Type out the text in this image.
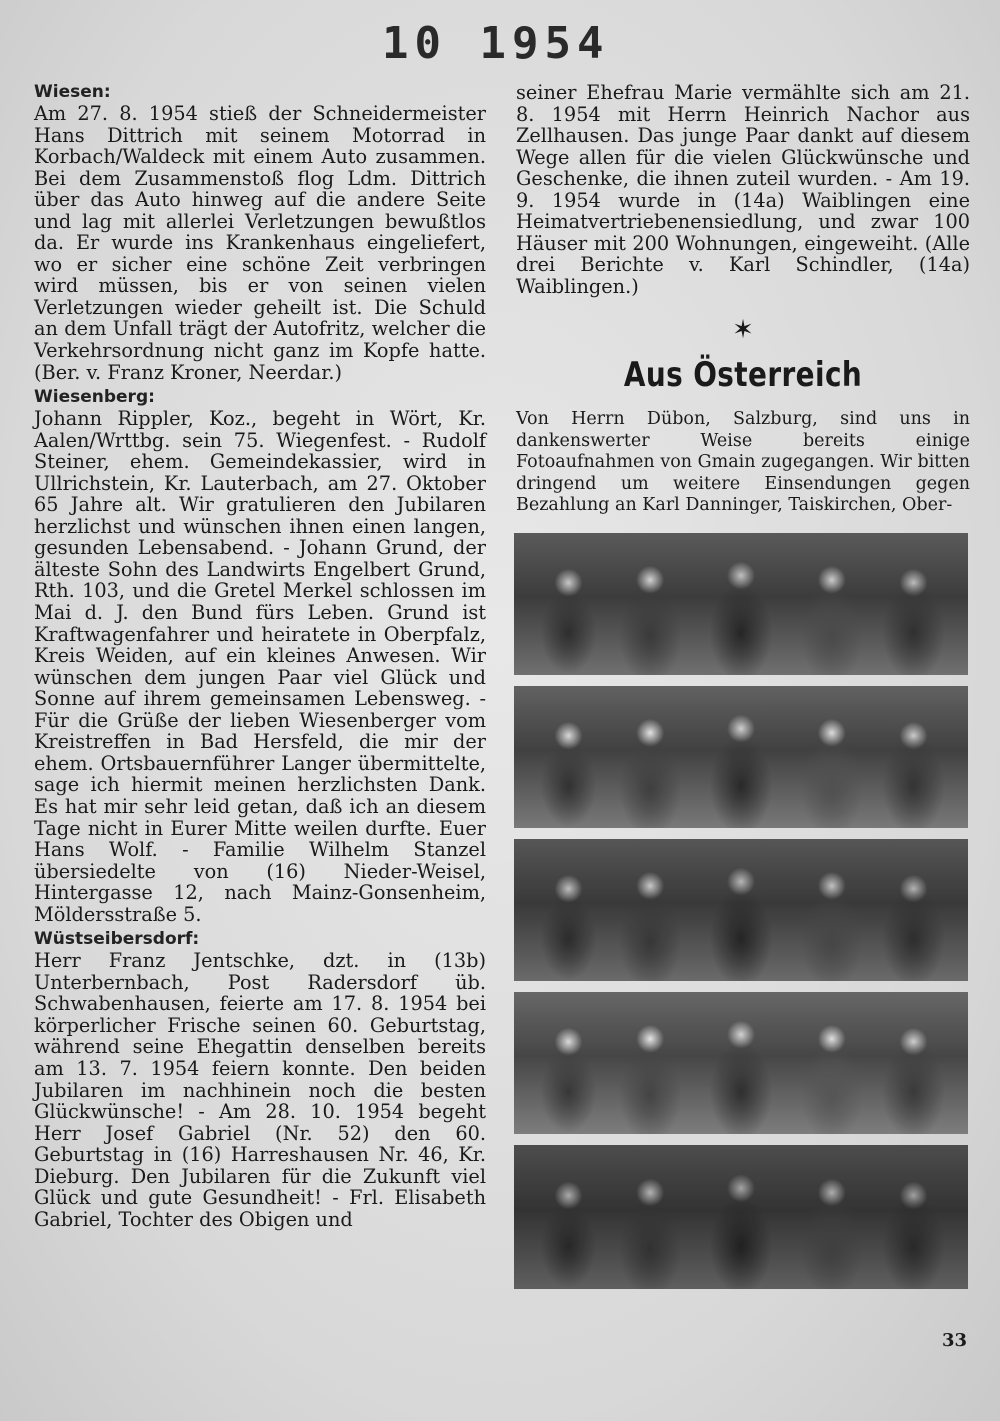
10 1954
Wiesen:

Am 27. 8. 1954 stieß der Schneidermeister Hans Dittrich mit seinem Motorrad in Korbach/Waldeck mit einem Auto zusammen. Bei dem Zusammenstoß flog Ldm. Dittrich über das Auto hinweg auf die andere Seite und lag mit allerlei Verletzungen bewußtlos da. Er wurde ins Krankenhaus eingeliefert, wo er sicher eine schöne Zeit verbringen wird müssen, bis er von seinen vielen Verletzungen wieder geheilt ist. Die Schuld an dem Unfall trägt der Autofritz, welcher die Verkehrsordnung nicht ganz im Kopfe hatte. (Ber. v. Franz Kroner, Neerdar.)

Wiesenberg:

Johann Rippler, Koz., begeht in Wört, Kr. Aalen/Wrttbg. sein 75. Wiegenfest. - Rudolf Steiner, ehem. Gemeindekassier, wird in Ullrichstein, Kr. Lauterbach, am 27. Oktober 65 Jahre alt. Wir gratulieren den Jubilaren herzlichst und wünschen ihnen einen langen, gesunden Lebensabend. - Johann Grund, der älteste Sohn des Landwirts Engelbert Grund, Rth. 103, und die Gretel Merkel schlossen im Mai d. J. den Bund fürs Leben. Grund ist Kraftwagenfahrer und heiratete in Oberpfalz, Kreis Weiden, auf ein kleines Anwesen. Wir wünschen dem jungen Paar viel Glück und Sonne auf ihrem gemeinsamen Lebensweg. - Für die Grüße der lieben Wiesenberger vom Kreistreffen in Bad Hersfeld, die mir der ehem. Ortsbauernführer Langer übermittelte, sage ich hiermit meinen herzlichsten Dank. Es hat mir sehr leid getan, daß ich an diesem Tage nicht in Eurer Mitte weilen durfte. Euer Hans Wolf. - Familie Wilhelm Stanzel übersiedelte von (16) Nieder-Weisel, Hintergasse 12, nach Mainz-Gonsenheim, Möldersstraße 5.

Wüstseibersdorf:

Herr Franz Jentschke, dzt. in (13b) Unterbernbach, Post Radersdorf üb. Schwabenhausen, feierte am 17. 8. 1954 bei körperlicher Frische seinen 60. Geburtstag, während seine Ehegattin denselben bereits am 13. 7. 1954 feiern konnte. Den beiden Jubilaren im nachhinein noch die besten Glückwünsche! - Am 28. 10. 1954 begeht Herr Josef Gabriel (Nr. 52) den 60. Geburtstag in (16) Harreshausen Nr. 46, Kr. Dieburg. Den Jubilaren für die Zukunft viel Glück und gute Gesundheit! - Frl. Elisabeth Gabriel, Tochter des Obigen und

seiner Ehefrau Marie vermählte sich am 21. 8. 1954 mit Herrn Heinrich Nachor aus Zellhausen. Das junge Paar dankt auf diesem Wege allen für die vielen Glückwünsche und Geschenke, die ihnen zuteil wurden. - Am 19. 9. 1954 wurde in (14a) Waiblingen eine Heimatvertriebenensiedlung, und zwar 100 Häuser mit 200 Wohnungen, eingeweiht. (Alle drei Berichte v. Karl Schindler, (14a) Waiblingen.)

✶
Aus Österreich

Von Herrn Dübon, Salzburg, sind uns in dankenswerter Weise bereits einige Fotoaufnahmen von Gmain zugegangen. Wir bitten dringend um weitere Einsendungen gegen Bezahlung an Karl Danninger, Taiskirchen, Ober-

33
